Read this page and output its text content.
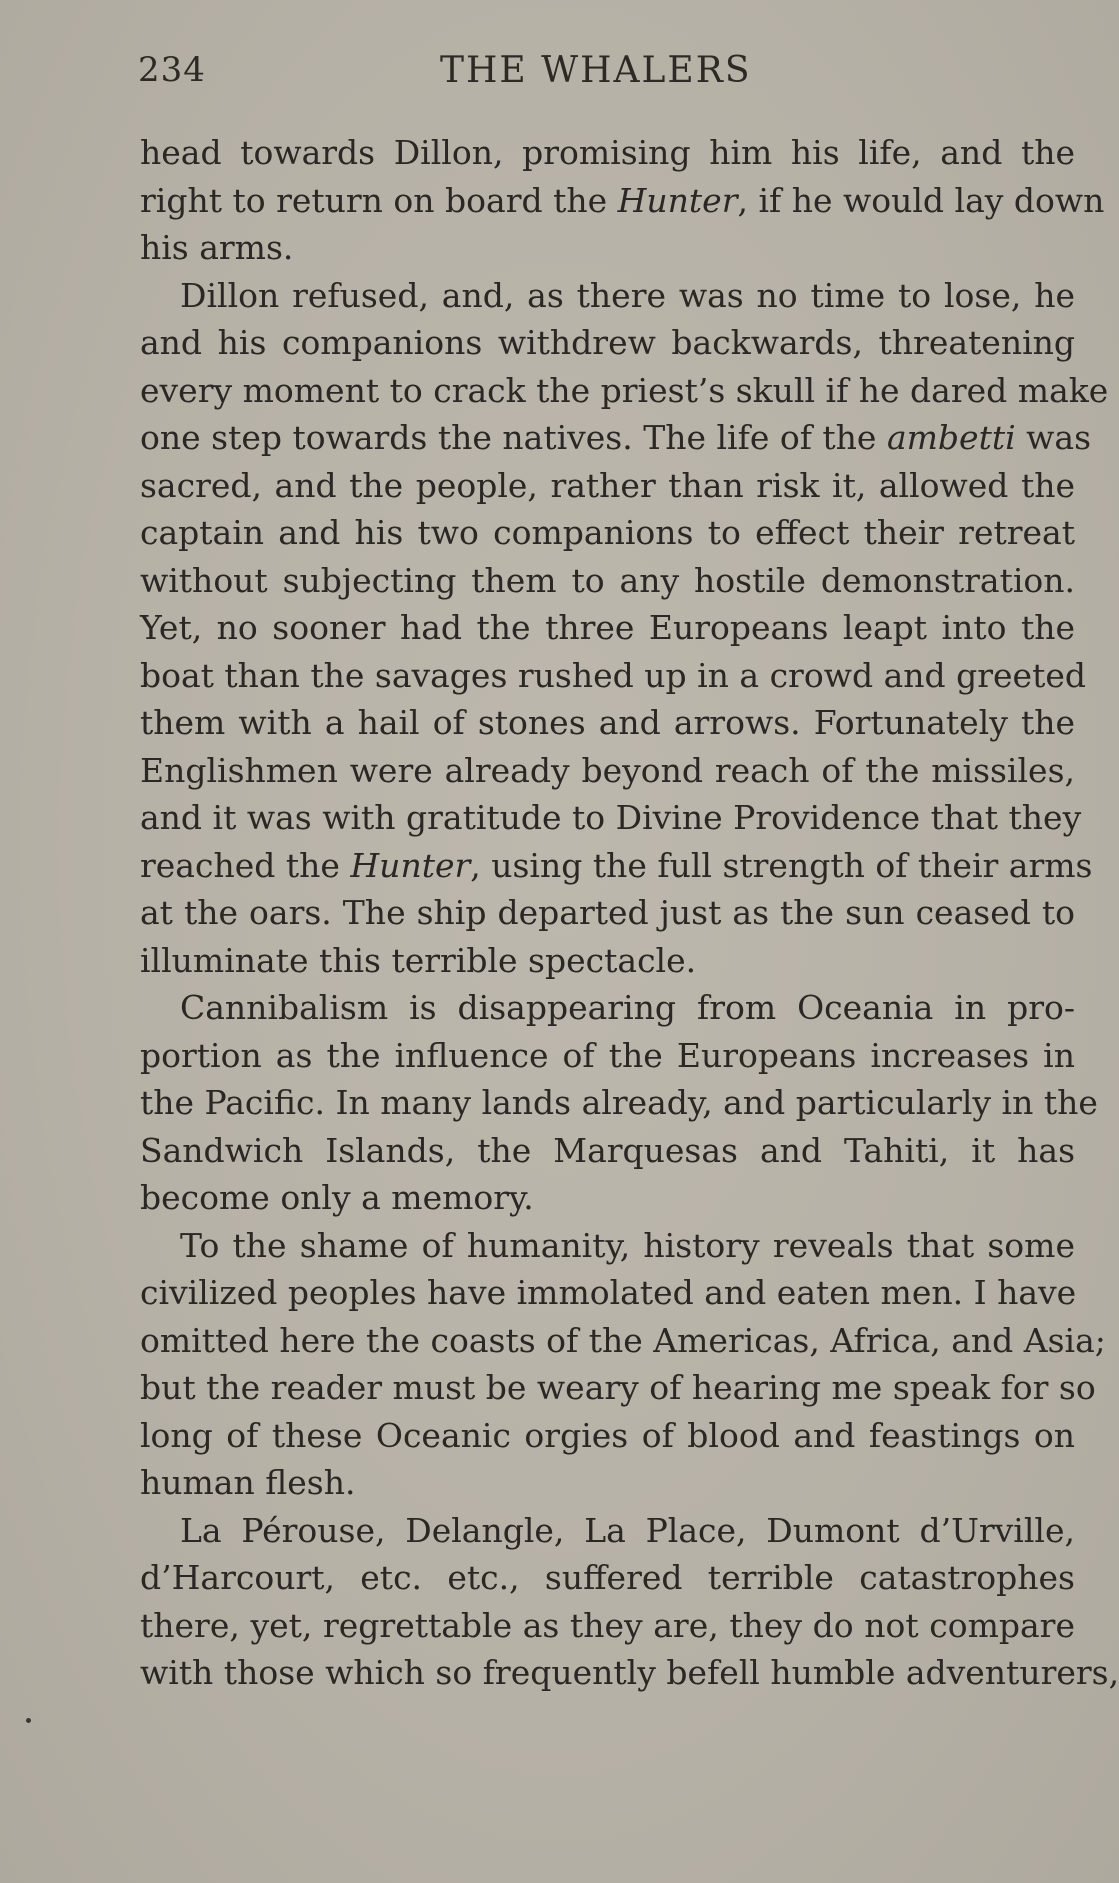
234	THE WHALERS
head towards Dillon, promising him his life, and the
right to return on board the Hunter, if he would lay down
his arms.
Dillon refused, and, as there was no time to lose, he
and his companions withdrew backwards, threatening
every moment to crack the priest’s skull if he dared make
one step towards the natives. The life of the ambetti was
sacred, and the people, rather than risk it, allowed the
captain and his two companions to effect their retreat
without subjecting them to any hostile demonstration.
Yet, no sooner had the three Europeans leapt into the
boat than the savages rushed up in a crowd and greeted
them with a hail of stones and arrows. Fortunately the
Englishmen were already beyond reach of the missiles,
and it was with gratitude to Divine Providence that they
reached the Hunter, using the full strength of their arms
at the oars. The ship departed just as the sun ceased to
illuminate this terrible spectacle.
Cannibalism is disappearing from Oceania in pro-
portion as the influence of the Europeans increases in
the Pacific. In many lands already, and particularly in the
Sandwich Islands, the Marquesas and Tahiti, it has
become only a memory.
To the shame of humanity, history reveals that some
civilized peoples have immolated and eaten men. I have
omitted here the coasts of the Americas, Africa, and Asia;
but the reader must be weary of hearing me speak for so
long of these Oceanic orgies of blood and feastings on
human flesh.
La Pérouse, Delangle, La Place, Dumont d’Urville,
d’Harcourt, etc. etc., suffered terrible catastrophes
there, yet, regrettable as they are, they do not compare
with those which so frequently befell humble adventurers,
